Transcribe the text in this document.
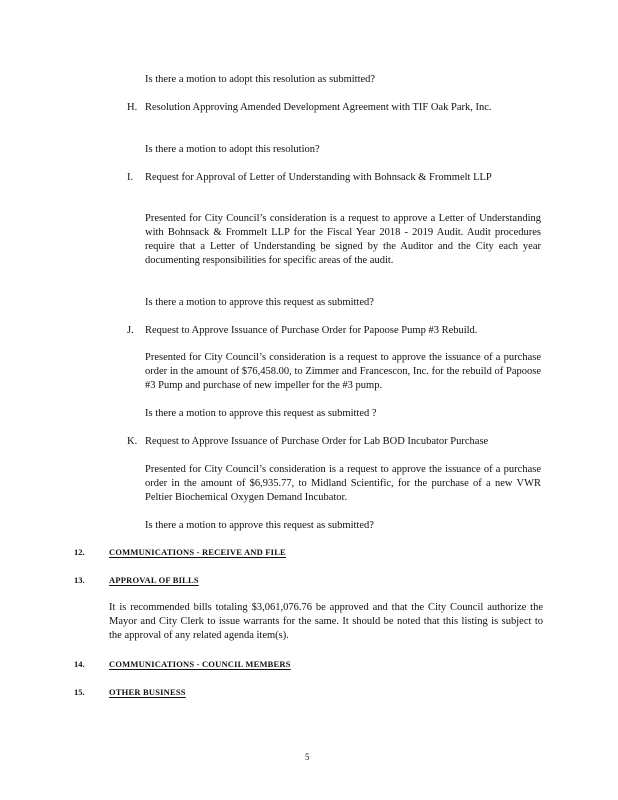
Is there a motion to adopt this resolution as submitted?
H. Resolution Approving Amended Development Agreement with TIF Oak Park, Inc.
Is there a motion to adopt this resolution?
I. Request for Approval of Letter of Understanding with Bohnsack & Frommelt LLP
Presented for City Council’s consideration is a request to approve a Letter of Understanding with Bohnsack & Frommelt LLP for the Fiscal Year 2018 - 2019 Audit. Audit procedures require that a Letter of Understanding be signed by the Auditor and the City each year documenting responsibilities for specific areas of the audit.
Is there a motion to approve this request as submitted?
J. Request to Approve Issuance of Purchase Order for Papoose Pump #3 Rebuild.
Presented for City Council’s consideration is a request to approve the issuance of a purchase order in the amount of $76,458.00, to Zimmer and Francescon, Inc. for the rebuild of Papoose #3 Pump and purchase of new impeller for the #3 pump.
Is there a motion to approve this request as submitted ?
K. Request to Approve Issuance of Purchase Order for Lab BOD Incubator Purchase
Presented for City Council’s consideration is a request to approve the issuance of a purchase order in the amount of $6,935.77, to Midland Scientific, for the purchase of a new VWR Peltier Biochemical Oxygen Demand Incubator.
Is there a motion to approve this request as submitted?
12.	COMMUNICATIONS - RECEIVE AND FILE
13.	APPROVAL OF BILLS
It is recommended bills totaling $3,061,076.76 be approved and that the City Council authorize the Mayor and City Clerk to issue warrants for the same. It should be noted that this listing is subject to the approval of any related agenda item(s).
14.	COMMUNICATIONS - COUNCIL MEMBERS
15.	OTHER BUSINESS
5
